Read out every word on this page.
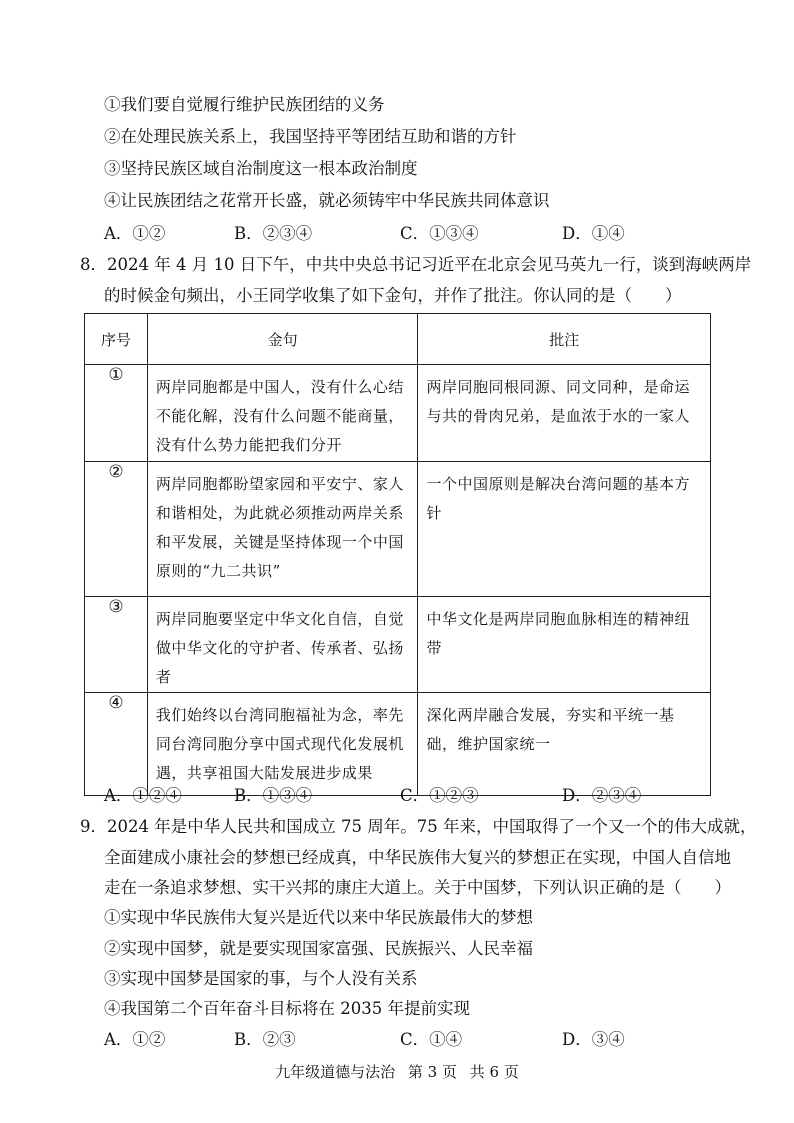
①我们要自觉履行维护民族团结的义务
②在处理民族关系上，我国坚持平等团结互助和谐的方针
③坚持民族区域自治制度这一根本政治制度
④让民族团结之花常开长盛，就必须铸牢中华民族共同体意识
A．①②	B．②③④	C．①③④	D．①④
8．2024 年 4 月 10 日下午，中共中央总书记习近平在北京会见马英九一行，谈到海峡两岸
的时候金句频出，小王同学收集了如下金句，并作了批注。你认同的是（　　）
序号	金句	批注
①	两岸同胞都是中国人，没有什么心结不能化解，没有什么问题不能商量，没有什么势力能把我们分开	两岸同胞同根同源、同文同种，是命运与共的骨肉兄弟，是血浓于水的一家人

②	两岸同胞都盼望家园和平安宁、家人和谐相处，为此就必须推动两岸关系和平发展，关键是坚持体现一个中国原则的“九二共识”	一个中国原则是解决台湾问题的基本方针

③	两岸同胞要坚定中华文化自信，自觉做中华文化的守护者、传承者、弘扬者	中华文化是两岸同胞血脉相连的精神纽带

④	我们始终以台湾同胞福祉为念，率先同台湾同胞分享中国式现代化发展机遇，共享祖国大陆发展进步成果	深化两岸融合发展，夯实和平统一基础，维护国家统一
A．①②④	B．①③④	C．①②③	D．②③④
9．2024 年是中华人民共和国成立 75 周年。75 年来，中国取得了一个又一个的伟大成就，
全面建成小康社会的梦想已经成真，中华民族伟大复兴的梦想正在实现，中国人自信地
走在一条追求梦想、实干兴邦的康庄大道上。关于中国梦，下列认识正确的是（　　）
①实现中华民族伟大复兴是近代以来中华民族最伟大的梦想
②实现中国梦，就是要实现国家富强、民族振兴、人民幸福
③实现中国梦是国家的事，与个人没有关系
④我国第二个百年奋斗目标将在 2035 年提前实现
A．①②	B．②③	C．①④	D．③④
九年级道德与法治 第 3 页 共 6 页
